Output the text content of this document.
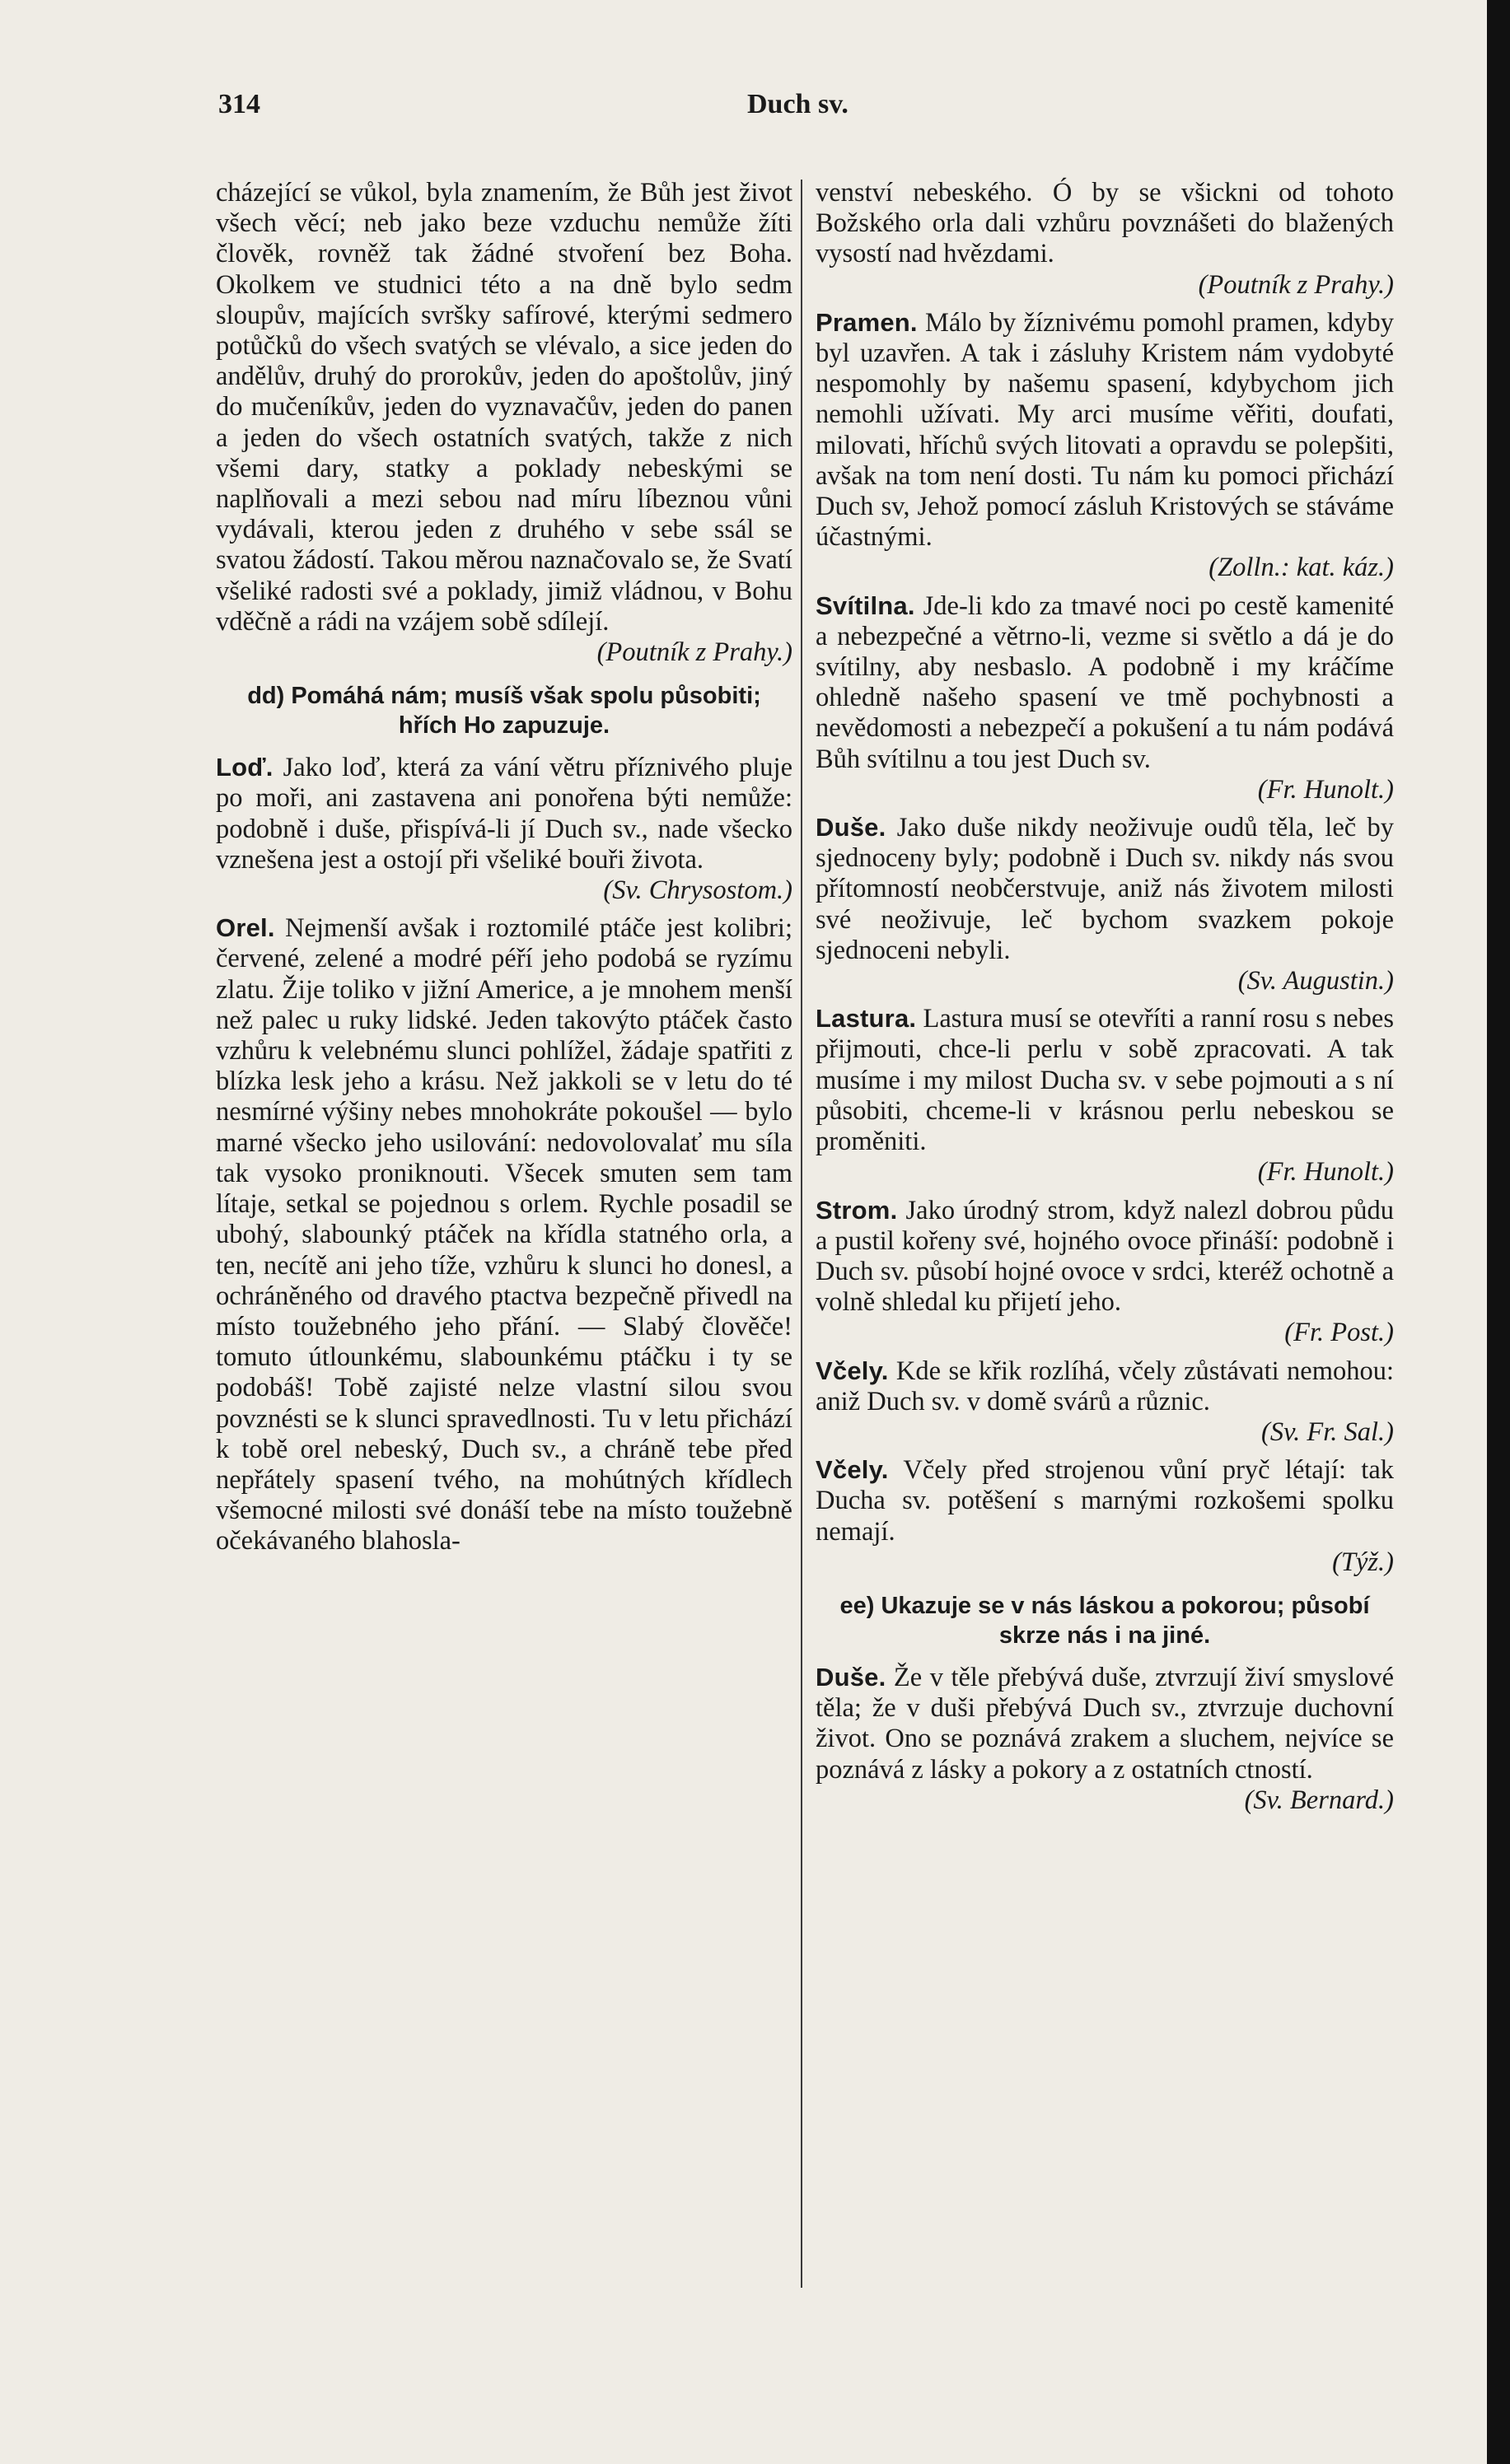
314	Duch sv.

cházející se vůkol, byla znamením, že Bůh jest život všech věcí; neb jako beze vzduchu nemůže žíti člověk, rovněž tak žádné stvoření bez Boha. Okolkem ve studnici této a na dně bylo sedm sloupův, majících svršky safírové, kterými sedmero potůčků do všech svatých se vlévalo, a sice jeden do andělův, druhý do prorokův, jeden do apoštolův, jiný do mučeníkův, jeden do vyznavačův, jeden do panen a jeden do všech ostatních svatých, takže z nich všemi dary, statky a poklady nebeskými se naplňovali a mezi sebou nad míru líbeznou vůni vydávali, kterou jeden z druhého v sebe ssál se svatou žádostí. Takou měrou naznačovalo se, že Svatí všeliké radosti své a poklady, jimiž vládnou, v Bohu vděčně a rádi na vzájem sobě sdílejí.

(Poutník z Prahy.)
dd) Pomáhá nám; musíš však spolu působiti; hřích Ho zapuzuje.

Loď. Jako loď, která za vání větru příznivého pluje po moři, ani zastavena ani ponořena býti nemůže: podobně i duše, přispívá-li jí Duch sv., nade všecko vznešena jest a ostojí při všeliké bouři života.

(Sv. Chrysostom.)

Orel. Nejmenší avšak i roztomilé ptáče jest kolibri; červené, zelené a modré péří jeho podobá se ryzímu zlatu. Žije toliko v jižní Americe, a je mnohem menší než palec u ruky lidské. Jeden takovýto ptáček často vzhůru k velebnému slunci pohlížel, žádaje spatřiti z blízka lesk jeho a krásu. Než jakkoli se v letu do té nesmírné výšiny nebes mnohokráte pokoušel — bylo marné všecko jeho usilování: nedovolovalať mu síla tak vysoko proniknouti. Všecek smuten sem tam lítaje, setkal se pojednou s orlem. Rychle posadil se ubohý, slabounký ptáček na křídla statného orla, a ten, necítě ani jeho tíže, vzhůru k slunci ho donesl, a ochráněného od dravého ptactva bezpečně přivedl na místo toužebného jeho přání. — Slabý člověče! tomuto útlounkému, slabounkému ptáčku i ty se podobáš! Tobě zajisté nelze vlastní silou svou povznésti se k slunci spravedlnosti. Tu v letu přichází k tobě orel nebeský, Duch sv., a chráně tebe před nepřátely spasení tvého, na mohútných křídlech všemocné milosti své donáší tebe na místo toužebně očekávaného blahosla-

venství nebeského. Ó by se všickni od tohoto Božského orla dali vzhůru povznášeti do blažených vysostí nad hvězdami.

(Poutník z Prahy.)

Pramen. Málo by žíznivému pomohl pramen, kdyby byl uzavřen. A tak i zásluhy Kristem nám vydobyté nespomohly by našemu spasení, kdybychom jich nemohli užívati. My arci musíme věřiti, doufati, milovati, hříchů svých litovati a opravdu se polepšiti, avšak na tom není dosti. Tu nám ku pomoci přichází Duch sv, Jehož pomocí zásluh Kristových se stáváme účastnými.

(Zolln.: kat. káz.)

Svítilna. Jde-li kdo za tmavé noci po cestě kamenité a nebezpečné a větrno-li, vezme si světlo a dá je do svítilny, aby nesbaslo. A podobně i my kráčíme ohledně našeho spasení ve tmě pochybnosti a nevědomosti a nebezpečí a pokušení a tu nám podává Bůh svítilnu a tou jest Duch sv.

(Fr. Hunolt.)

Duše. Jako duše nikdy neoživuje oudů těla, leč by sjednoceny byly; podobně i Duch sv. nikdy nás svou přítomností neobčerstvuje, aniž nás životem milosti své neoživuje, leč bychom svazkem pokoje sjednoceni nebyli.

(Sv. Augustin.)

Lastura. Lastura musí se otevříti a ranní rosu s nebes přijmouti, chce-li perlu v sobě zpracovati. A tak musíme i my milost Ducha sv. v sebe pojmouti a s ní působiti, chceme-li v krásnou perlu nebeskou se proměniti.

(Fr. Hunolt.)

Strom. Jako úrodný strom, když nalezl dobrou půdu a pustil kořeny své, hojného ovoce přináší: podobně i Duch sv. působí hojné ovoce v srdci, kteréž ochotně a volně shledal ku přijetí jeho.

(Fr. Post.)

Včely. Kde se křik rozlíhá, včely zůstávati nemohou: aniž Duch sv. v domě svárů a různic.

(Sv. Fr. Sal.)

Včely. Včely před strojenou vůní pryč létají: tak Ducha sv. potěšení s marnými rozkošemi spolku nemají.

(Týž.)
ee) Ukazuje se v nás láskou a pokorou; působí skrze nás i na jiné.

Duše. Že v těle přebývá duše, ztvrzují živí smyslové těla; že v duši přebývá Duch sv., ztvrzuje duchovní život. Ono se poznává zrakem a sluchem, nejvíce se poznává z lásky a pokory a z ostatních ctností.

(Sv. Bernard.)
